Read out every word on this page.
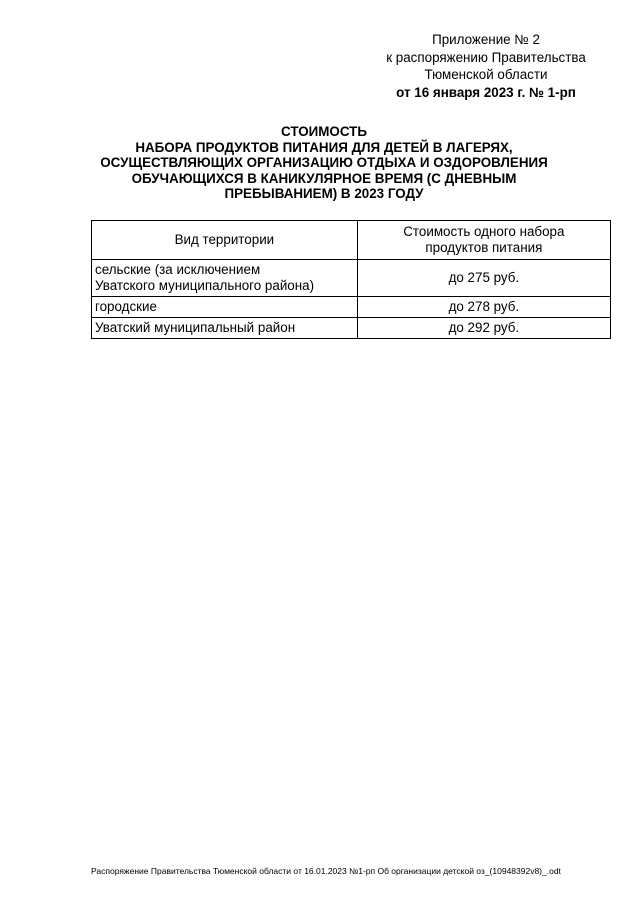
Приложение № 2
к распоряжению Правительства
Тюменской области
от 16 января 2023 г. № 1-рп
СТОИМОСТЬ
НАБОРА ПРОДУКТОВ ПИТАНИЯ ДЛЯ ДЕТЕЙ В ЛАГЕРЯХ,
ОСУЩЕСТВЛЯЮЩИХ ОРГАНИЗАЦИЮ ОТДЫХА И ОЗДОРОВЛЕНИЯ
ОБУЧАЮЩИХСЯ В КАНИКУЛЯРНОЕ ВРЕМЯ (С ДНЕВНЫМ
ПРЕБЫВАНИЕМ) В 2023 ГОДУ
Вид территории	Стоимость одного набора
продуктов питания

сельские (за исключением
Уватского муниципального района)	до 275 руб.
городские	до 278 руб.
Уватский муниципальный район	до 292 руб.
Распоряжение Правительства Тюменской области от 16.01.2023 №1-рп Об организации детской оз_(10948392v8)_.odt
